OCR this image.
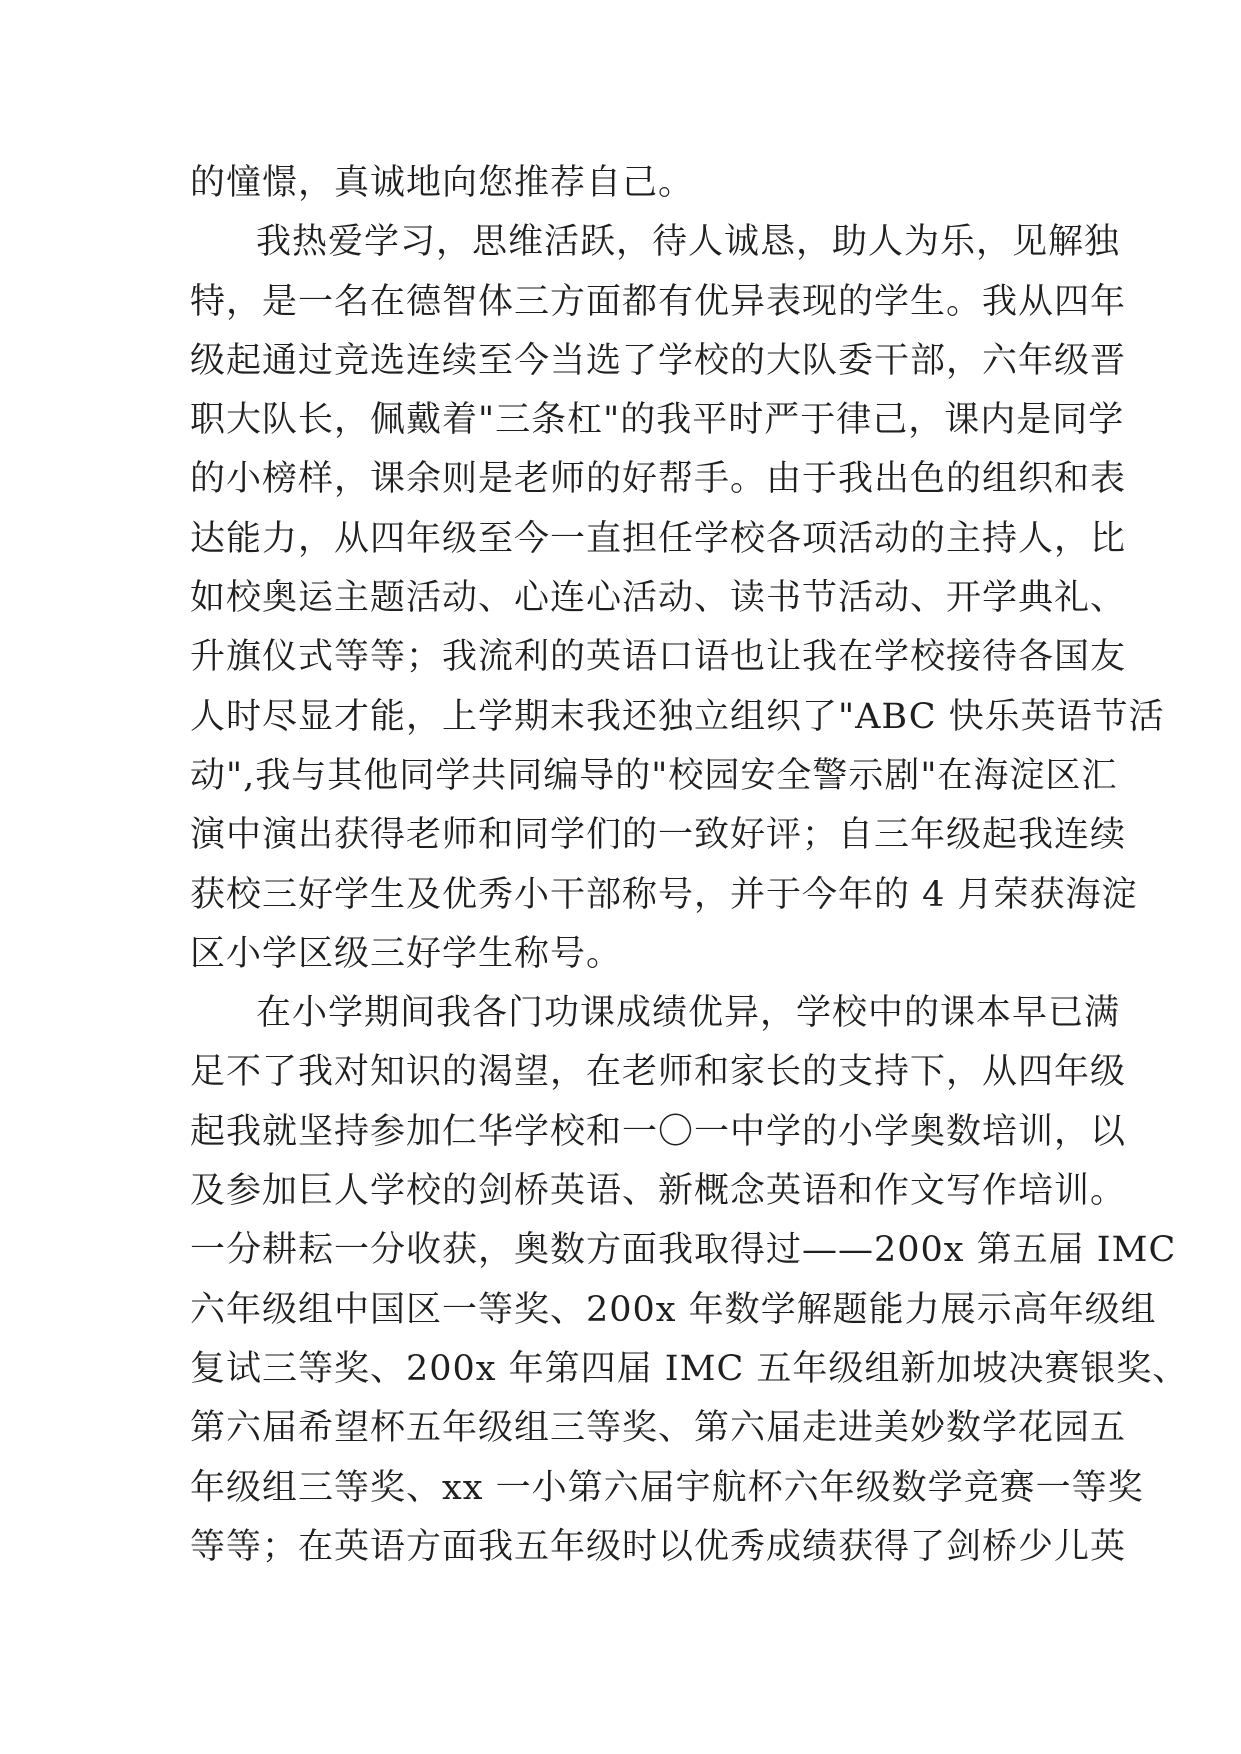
的憧憬，真诚地向您推荐自己。
我热爱学习，思维活跃，待人诚恳，助人为乐，见解独
特，是一名在德智体三方面都有优异表现的学生。我从四年
级起通过竞选连续至今当选了学校的大队委干部，六年级晋
职大队长，佩戴着"三条杠"的我平时严于律己，课内是同学
的小榜样，课余则是老师的好帮手。由于我出色的组织和表
达能力，从四年级至今一直担任学校各项活动的主持人，比
如校奥运主题活动、心连心活动、读书节活动、开学典礼、
升旗仪式等等；我流利的英语口语也让我在学校接待各国友
人时尽显才能，上学期末我还独立组织了"ABC 快乐英语节活
动",我与其他同学共同编导的"校园安全警示剧"在海淀区汇
演中演出获得老师和同学们的一致好评；自三年级起我连续
获校三好学生及优秀小干部称号，并于今年的 4 月荣获海淀
区小学区级三好学生称号。
在小学期间我各门功课成绩优异，学校中的课本早已满
足不了我对知识的渴望，在老师和家长的支持下，从四年级
起我就坚持参加仁华学校和一〇一中学的小学奥数培训，以
及参加巨人学校的剑桥英语、新概念英语和作文写作培训。
一分耕耘一分收获，奥数方面我取得过——200x 第五届 IMC
六年级组中国区一等奖、200x 年数学解题能力展示高年级组
复试三等奖、200x 年第四届 IMC 五年级组新加坡决赛银奖、
第六届希望杯五年级组三等奖、第六届走进美妙数学花园五
年级组三等奖、xx 一小第六届宇航杯六年级数学竞赛一等奖
等等；在英语方面我五年级时以优秀成绩获得了剑桥少儿英
